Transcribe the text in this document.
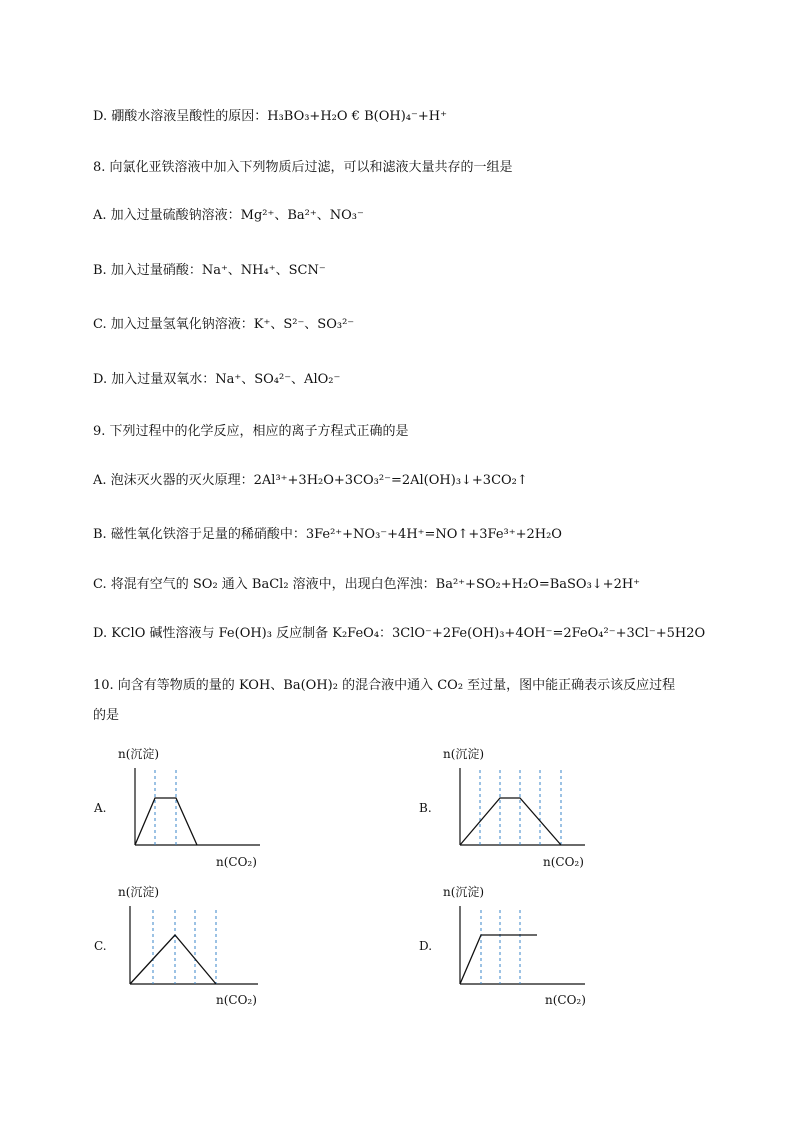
D. 硼酸水溶液呈酸性的原因：H₃BO₃+H₂O € B(OH)₄⁻+H⁺
8. 向氯化亚铁溶液中加入下列物质后过滤，可以和滤液大量共存的一组是
A. 加入过量硫酸钠溶液：Mg²⁺、Ba²⁺、NO₃⁻
B. 加入过量硝酸：Na⁺、NH₄⁺、SCN⁻
C. 加入过量氢氧化钠溶液：K⁺、S²⁻、SO₃²⁻
D. 加入过量双氧水：Na⁺、SO₄²⁻、AlO₂⁻
9. 下列过程中的化学反应，相应的离子方程式正确的是
A. 泡沫灭火器的灭火原理：2Al³⁺+3H₂O+3CO₃²⁻=2Al(OH)₃↓+3CO₂↑
B. 磁性氧化铁溶于足量的稀硝酸中：3Fe²⁺+NO₃⁻+4H⁺=NO↑+3Fe³⁺+2H₂O
C. 将混有空气的 SO₂ 通入 BaCl₂ 溶液中，出现白色浑浊：Ba²⁺+SO₂+H₂O=BaSO₃↓+2H⁺
D. KClO 碱性溶液与 Fe(OH)₃ 反应制备 K₂FeO₄：3ClO⁻+2Fe(OH)₃+4OH⁻=2FeO₄²⁻+3Cl⁻+5H2O
10. 向含有等物质的量的 KOH、Ba(OH)₂ 的混合液中通入 CO₂ 至过量，图中能正确表示该反应过程
的是
A.
n(沉淀)
n(CO₂)
B.
n(沉淀)
n(CO₂)
C.
n(沉淀)
n(CO₂)
D.
n(沉淀)
n(CO₂)
